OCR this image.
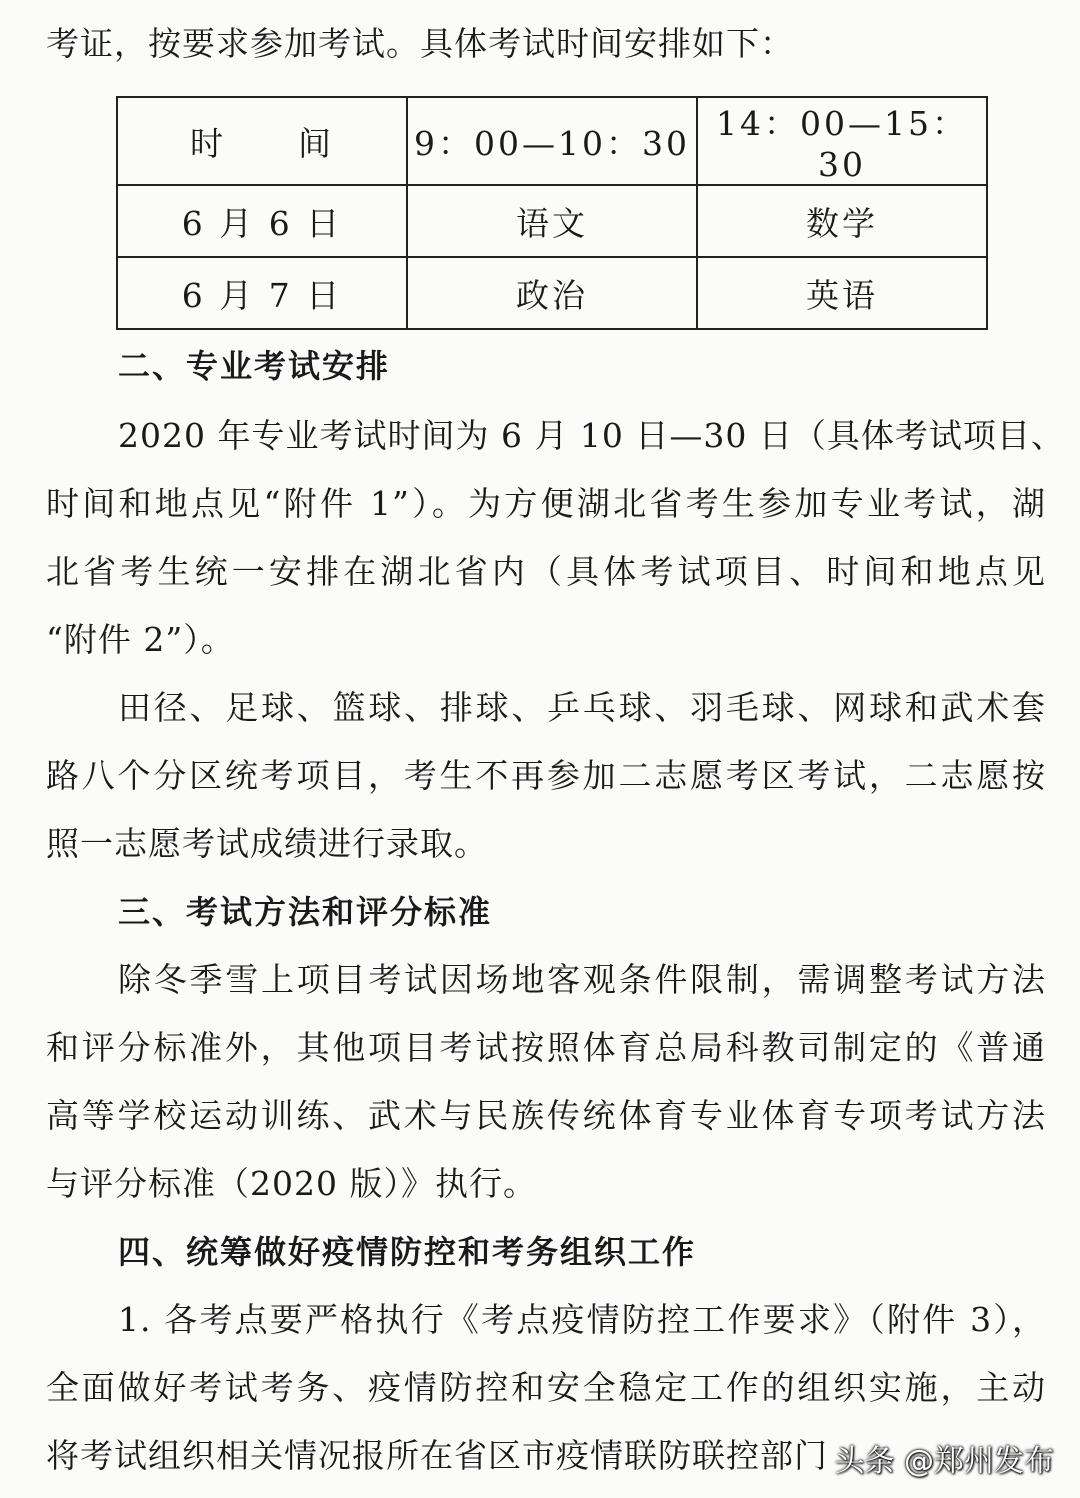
考证，按要求参加考试。具体考试时间安排如下：
时　　间	9：00—10：30	14：00—15：30
6 月 6 日	语文	数学
6 月 7 日	政治	英语
二、专业考试安排
2020 年专业考试时间为 6 月 10 日—30 日（具体考试项目、
时间和地点见“附件 1”）。为方便湖北省考生参加专业考试，湖
北省考生统一安排在湖北省内（具体考试项目、时间和地点见
“附件 2”）。
田径、足球、篮球、排球、乒乓球、羽毛球、网球和武术套
路八个分区统考项目，考生不再参加二志愿考区考试，二志愿按
照一志愿考试成绩进行录取。
三、考试方法和评分标准
除冬季雪上项目考试因场地客观条件限制，需调整考试方法
和评分标准外，其他项目考试按照体育总局科教司制定的《普通
高等学校运动训练、武术与民族传统体育专业体育专项考试方法
与评分标准（2020 版）》执行。
四、统筹做好疫情防控和考务组织工作
1. 各考点要严格执行《考点疫情防控工作要求》（附件 3），
全面做好考试考务、疫情防控和安全稳定工作的组织实施，主动
将考试组织相关情况报所在省区市疫情联防联控部门 头条 @郑州发布
